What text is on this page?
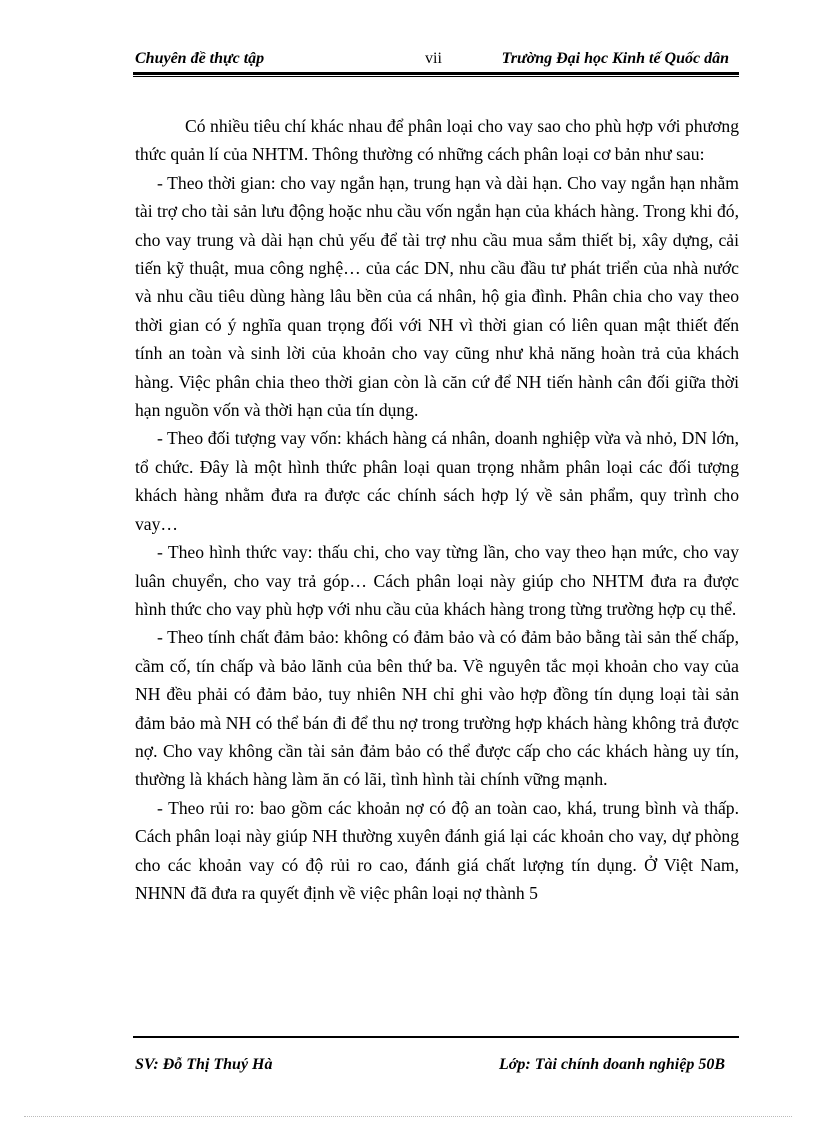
Chuyên đề thực tập	vii	Trường Đại học Kinh tế Quốc dân

Có nhiều tiêu chí khác nhau để phân loại cho vay sao cho phù hợp với phương thức quản lí của NHTM. Thông thường có những cách phân loại cơ bản như sau:

- Theo thời gian: cho vay ngắn hạn, trung hạn và dài hạn. Cho vay ngắn hạn nhằm tài trợ cho tài sản lưu động hoặc nhu cầu vốn ngắn hạn của khách hàng. Trong khi đó, cho vay trung và dài hạn chủ yếu để tài trợ nhu cầu mua sắm thiết bị, xây dựng, cải tiến kỹ thuật, mua công nghệ… của các DN, nhu cầu đầu tư phát triển của nhà nước và nhu cầu tiêu dùng hàng lâu bền của cá nhân, hộ gia đình. Phân chia cho vay theo thời gian có ý nghĩa quan trọng đối với NH vì thời gian có liên quan mật thiết đến tính an toàn và sinh lời của khoản cho vay cũng như khả năng hoàn trả của khách hàng. Việc phân chia theo thời gian còn là căn cứ để NH tiến hành cân đối giữa thời hạn nguồn vốn và thời hạn của tín dụng.

- Theo đối tượng vay vốn: khách hàng cá nhân, doanh nghiệp vừa và nhỏ, DN lớn, tổ chức. Đây là một hình thức phân loại quan trọng nhằm phân loại các đối tượng khách hàng nhằm đưa ra được các chính sách hợp lý về sản phẩm, quy trình cho vay…

- Theo hình thức vay: thấu chi, cho vay từng lần, cho vay theo hạn mức, cho vay luân chuyển, cho vay trả góp… Cách phân loại này giúp cho NHTM đưa ra được hình thức cho vay phù hợp với nhu cầu của khách hàng trong từng trường hợp cụ thể.

- Theo tính chất đảm bảo: không có đảm bảo và có đảm bảo bằng tài sản thế chấp, cầm cố, tín chấp và bảo lãnh của bên thứ ba. Về nguyên tắc mọi khoản cho vay của NH đều phải có đảm bảo, tuy nhiên NH chỉ ghi vào hợp đồng tín dụng loại tài sản đảm bảo mà NH có thể bán đi để thu nợ trong trường hợp khách hàng không trả được nợ. Cho vay không cần tài sản đảm bảo có thể được cấp cho các khách hàng uy tín, thường là khách hàng làm ăn có lãi, tình hình tài chính vững mạnh.

- Theo rủi ro: bao gồm các khoản nợ có độ an toàn cao, khá, trung bình và thấp. Cách phân loại này giúp NH thường xuyên đánh giá lại các khoản cho vay, dự phòng cho các khoản vay có độ rủi ro cao, đánh giá chất lượng tín dụng. Ở Việt Nam, NHNN đã đưa ra quyết định về việc phân loại nợ thành 5

SV: Đỗ Thị Thuý Hà	Lớp: Tài chính doanh nghiệp 50B
